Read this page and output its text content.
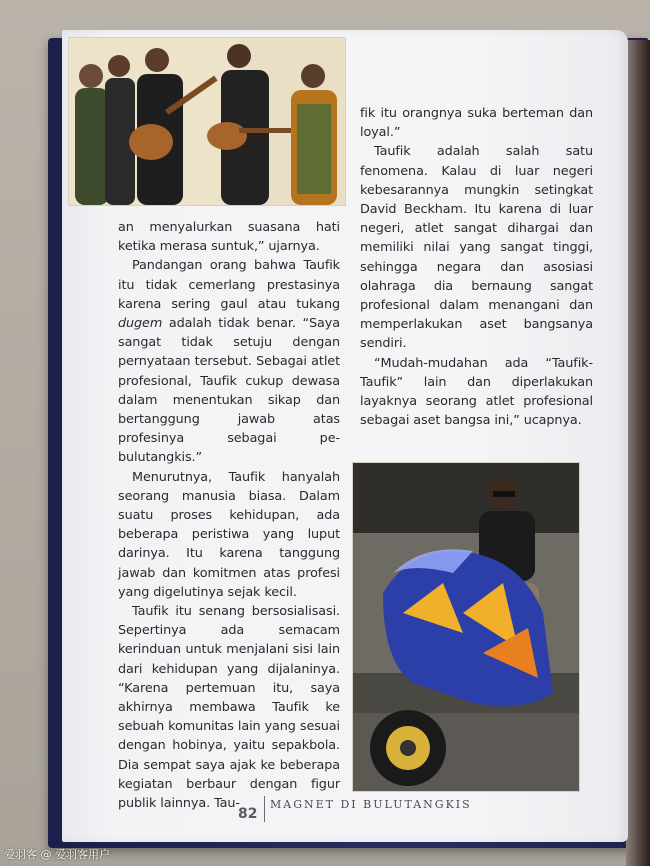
an menyalurkan suasana hati ketika merasa suntuk,” ujarnya.

Pandangan orang bahwa Taufik itu tidak cemerlang prestasinya karena sering gaul atau tukang dugem adalah tidak benar. “Saya sangat tidak setuju dengan pernyataan tersebut. Sebagai atlet profesional, Taufik cukup dewasa dalam menentukan sikap dan bertanggung jawab atas profesinya sebagai pe-bulutangkis.”

Menurutnya, Taufik hanyalah seorang manusia biasa. Dalam suatu proses kehidupan, ada beberapa peristiwa yang luput darinya. Itu karena tanggung jawab dan komitmen atas profesi yang digelutinya sejak kecil.

Taufik itu senang bersosialisasi. Sepertinya ada semacam kerinduan untuk menjalani sisi lain dari kehidupan yang dijalaninya. “Karena pertemuan itu, saya akhirnya membawa Taufik ke sebuah komunitas lain yang sesuai dengan hobinya, yaitu sepakbola. Dia sempat saya ajak ke beberapa kegiatan berbaur dengan figur publik lainnya. Tau-

fik itu orangnya suka berteman dan loyal.”

Taufik adalah salah satu fenomena. Kalau di luar negeri kebesarannya mungkin setingkat David Beckham. Itu karena di luar negeri, atlet sangat dihargai dan memiliki nilai yang sangat tinggi, sehingga negara dan asosiasi olahraga dia bernaung sangat profesional dalam menangani dan memperlakukan aset bangsanya sendiri.

“Mudah-mudahan ada “Taufik-Taufik” lain dan diperlakukan layaknya seorang atlet profesional sebagai aset bangsa ini,” ucapnya.

82
MAGNET DI BULUTANGKIS
爱羽客 @ 爱羽客用户
